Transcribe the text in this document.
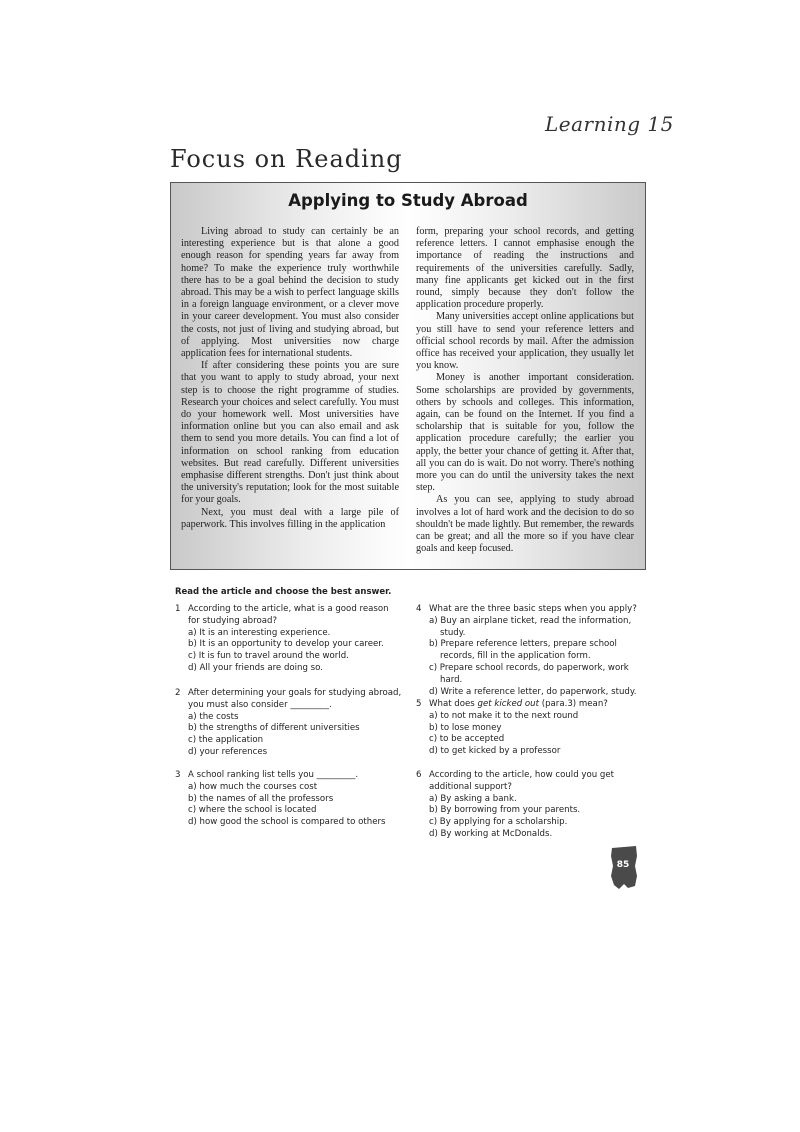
Learning 15
Focus on Reading
Applying to Study Abroad

Living abroad to study can certainly be an interesting experience but is that alone a good enough reason for spending years far away from home? To make the experience truly worthwhile there has to be a goal behind the decision to study abroad. This may be a wish to perfect language skills in a foreign language environment, or a clever move in your career development. You must also consider the costs, not just of living and studying abroad, but of applying. Most universities now charge application fees for international students.

If after considering these points you are sure that you want to apply to study abroad, your next step is to choose the right programme of studies. Research your choices and select carefully. You must do your homework well. Most universities have information online but you can also email and ask them to send you more details. You can find a lot of information on school ranking from education websites. But read carefully. Different universities emphasise different strengths. Don't just think about the university's reputation; look for the most suitable for your goals.

Next, you must deal with a large pile of paperwork. This involves filling in the application

form, preparing your school records, and getting reference letters. I cannot emphasise enough the importance of reading the instructions and requirements of the universities carefully. Sadly, many fine applicants get kicked out in the first round, simply because they don't follow the application procedure properly.

Many universities accept online applications but you still have to send your reference letters and official school records by mail. After the admission office has received your application, they usually let you know.

Money is another important consideration. Some scholarships are provided by governments, others by schools and colleges. This information, again, can be found on the Internet. If you find a scholarship that is suitable for you, follow the application procedure carefully; the earlier you apply, the better your chance of getting it. After that, all you can do is wait. Do not worry. There's nothing more you can do until the university takes the next step.

As you can see, applying to study abroad involves a lot of hard work and the decision to do so shouldn't be made lightly. But remember, the rewards can be great; and all the more so if you have clear goals and keep focused.

Read the article and choose the best answer.
1 According to the article, what is a good reason for studying abroad?
a) It is an interesting experience.
b) It is an opportunity to develop your career.
c) It is fun to travel around the world.
d) All your friends are doing so.
2 After determining your goals for studying abroad, you must also consider _________.
a) the costs
b) the strengths of different universities
c) the application
d) your references
3 A school ranking list tells you _________.
a) how much the courses cost
b) the names of all the professors
c) where the school is located
d) how good the school is compared to others
4 What are the three basic steps when you apply?
a) Buy an airplane ticket, read the information, study.
b) Prepare reference letters, prepare school records, fill in the application form.
c) Prepare school records, do paperwork, work hard.
d) Write a reference letter, do paperwork, study.
5 What does get kicked out (para.3) mean?
a) to not make it to the next round
b) to lose money
c) to be accepted
d) to get kicked by a professor
6 According to the article, how could you get additional support?
a) By asking a bank.
b) By borrowing from your parents.
c) By applying for a scholarship.
d) By working at McDonalds.
85
